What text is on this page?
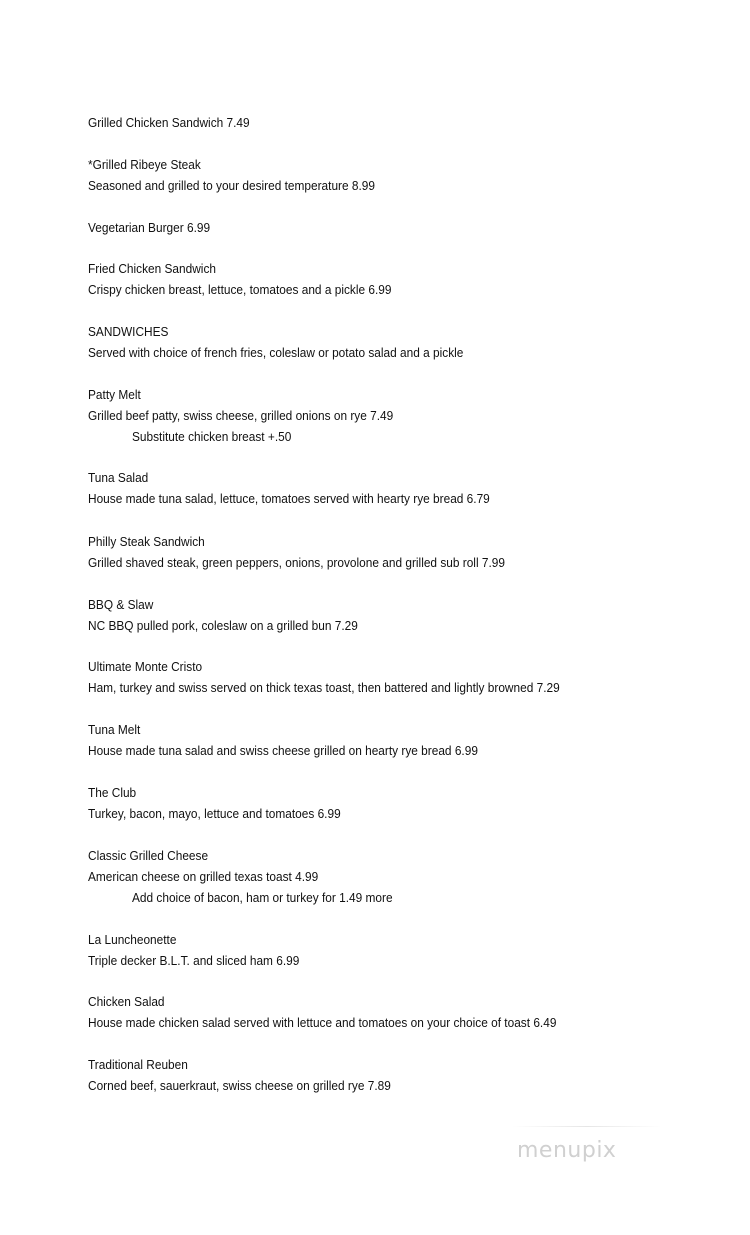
Grilled Chicken Sandwich 7.49
*Grilled Ribeye Steak
Seasoned and grilled to your desired temperature 8.99
Vegetarian Burger 6.99
Fried Chicken Sandwich
Crispy chicken breast, lettuce, tomatoes and a pickle 6.99
SANDWICHES
Served with choice of french fries, coleslaw or potato salad and a pickle
Patty Melt
Grilled beef patty, swiss cheese, grilled onions on rye 7.49
Substitute chicken breast +.50
Tuna Salad
House made tuna salad, lettuce, tomatoes served with hearty rye bread 6.79
Philly Steak Sandwich
Grilled shaved steak, green peppers, onions, provolone and grilled sub roll 7.99
BBQ & Slaw
NC BBQ pulled pork, coleslaw on a grilled bun 7.29
Ultimate Monte Cristo
Ham, turkey and swiss served on thick texas toast, then battered and lightly browned 7.29
Tuna Melt
House made tuna salad and swiss cheese grilled on hearty rye bread 6.99
The Club
Turkey, bacon, mayo, lettuce and tomatoes 6.99
Classic Grilled Cheese
American cheese on grilled texas toast 4.99
Add choice of bacon, ham or turkey for 1.49 more
La Luncheonette
Triple decker B.L.T. and sliced ham 6.99
Chicken Salad
House made chicken salad served with lettuce and tomatoes on your choice of toast 6.49
Traditional Reuben
Corned beef, sauerkraut, swiss cheese on grilled rye 7.89
menupix
